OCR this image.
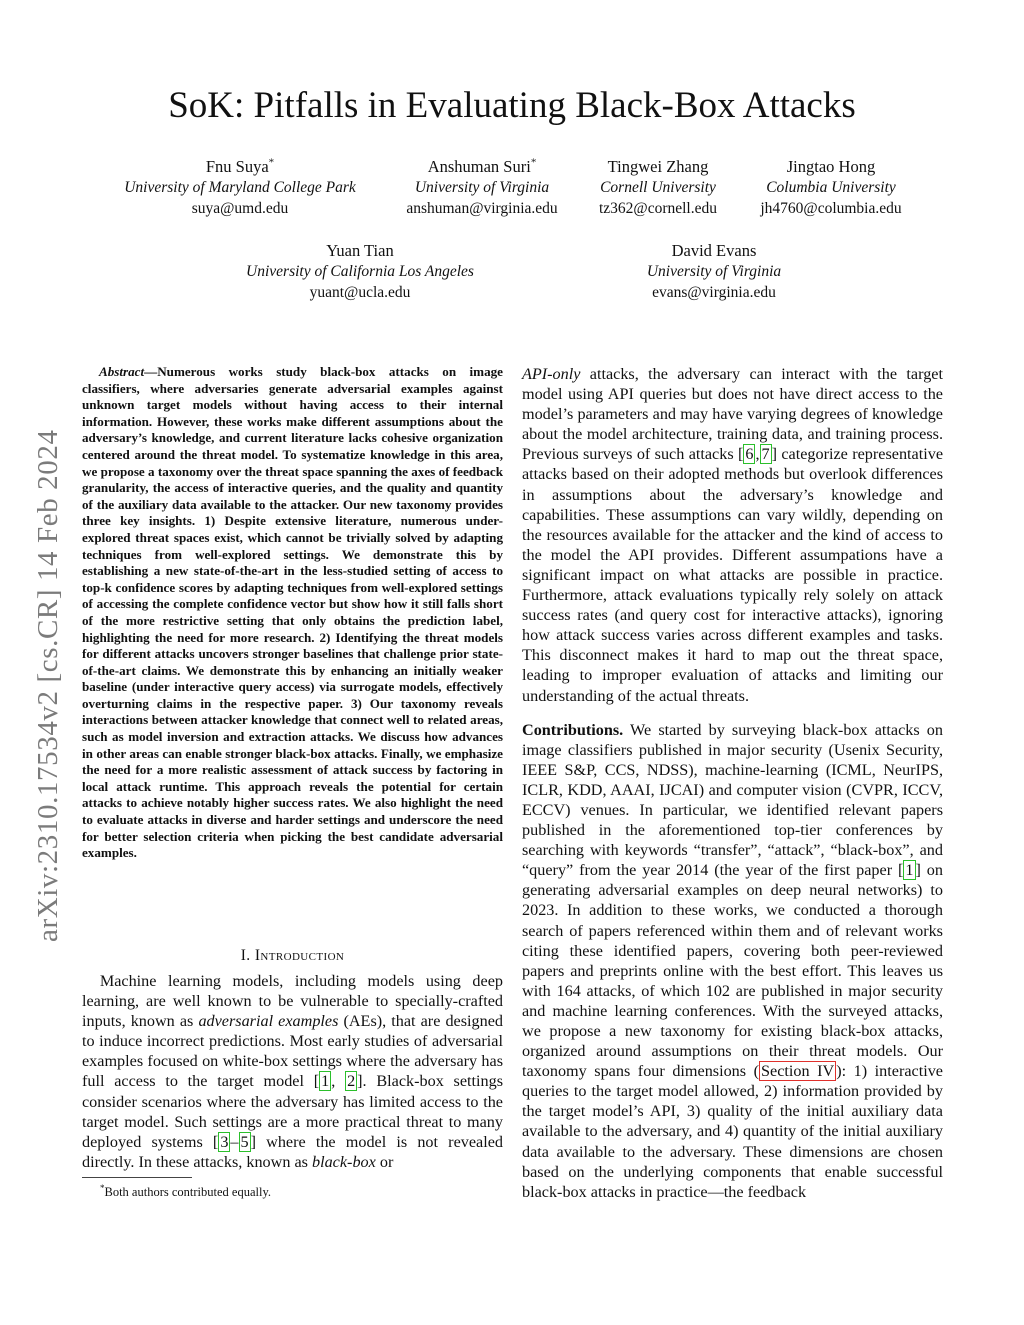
SoK: Pitfalls in Evaluating Black-Box Attacks
Fnu Suya*
University of Maryland College Park
suya@umd.edu
Anshuman Suri*
University of Virginia
anshuman@virginia.edu
Tingwei Zhang
Cornell University
tz362@cornell.edu
Jingtao Hong
Columbia University
jh4760@columbia.edu
Yuan Tian
University of California Los Angeles
yuant@ucla.edu
David Evans
University of Virginia
evans@virginia.edu
arXiv:2310.17534v2 [cs.CR] 14 Feb 2024

Abstract—Numerous works study black-box attacks on image classifiers, where adversaries generate adversarial examples against unknown target models without having access to their internal information. However, these works make different assumptions about the adversary’s knowledge, and current literature lacks cohesive organization centered around the threat model. To systematize knowledge in this area, we propose a taxonomy over the threat space spanning the axes of feedback granularity, the access of interactive queries, and the quality and quantity of the auxiliary data available to the attacker. Our new taxonomy provides three key insights. 1) Despite extensive literature, numerous under-explored threat spaces exist, which cannot be trivially solved by adapting techniques from well-explored settings. We demonstrate this by establishing a new state-of-the-art in the less-studied setting of access to top-k confidence scores by adapting techniques from well-explored settings of accessing the complete confidence vector but show how it still falls short of the more restrictive setting that only obtains the prediction label, highlighting the need for more research. 2) Identifying the threat models for different attacks uncovers stronger baselines that challenge prior state-of-the-art claims. We demonstrate this by enhancing an initially weaker baseline (under interactive query access) via surrogate models, effectively overturning claims in the respective paper. 3) Our taxonomy reveals interactions between attacker knowledge that connect well to related areas, such as model inversion and extraction attacks. We discuss how advances in other areas can enable stronger black-box attacks. Finally, we emphasize the need for a more realistic assessment of attack success by factoring in local attack runtime. This approach reveals the potential for certain attacks to achieve notably higher success rates. We also highlight the need to evaluate attacks in diverse and harder settings and underscore the need for better selection criteria when picking the best candidate adversarial examples.

I. Introduction

Machine learning models, including models using deep learning, are well known to be vulnerable to specially-crafted inputs, known as adversarial examples (AEs), that are designed to induce incorrect predictions. Most early studies of adversarial examples focused on white-box settings where the adversary has full access to the target model [ 1 , 2 ]. Black-box settings consider scenarios where the adversary has limited access to the target model. Such settings are a more practical threat to many deployed systems [ 3 – 5 ] where the model is not revealed directly. In these attacks, known as black-box or

*Both authors contributed equally.

API-only attacks, the adversary can interact with the target model using API queries but does not have direct access to the model’s parameters and may have varying degrees of knowledge about the model architecture, training data, and training process. Previous surveys of such attacks [ 6 , 7 ] categorize representative attacks based on their adopted methods but overlook differences in assumptions about the adversary’s knowledge and capabilities. These assumptions can vary wildly, depending on the resources available for the attacker and the kind of access to the model the API provides. Different assumpations have a significant impact on what attacks are possible in practice. Furthermore, attack evaluations typically rely solely on attack success rates (and query cost for interactive attacks), ignoring how attack success varies across different examples and tasks. This disconnect makes it hard to map out the threat space, leading to improper evaluation of attacks and limiting our understanding of the actual threats.

Contributions. We started by surveying black-box attacks on image classifiers published in major security (Usenix Security, IEEE S&P, CCS, NDSS), machine-learning (ICML, NeurIPS, ICLR, KDD, AAAI, IJCAI) and computer vision (CVPR, ICCV, ECCV) venues. In particular, we identified relevant papers published in the aforementioned top-tier conferences by searching with keywords “transfer”, “attack”, “black-box”, and “query” from the year 2014 (the year of the first paper [ 1 ] on generating adversarial examples on deep neural networks) to 2023. In addition to these works, we conducted a thorough search of papers referenced within them and of relevant works citing these identified papers, covering both peer-reviewed papers and preprints online with the best effort. This leaves us with 164 attacks, of which 102 are published in major security and machine learning conferences. With the surveyed attacks, we propose a new taxonomy for existing black-box attacks, organized around assumptions on their threat models. Our taxonomy spans four dimensions ( Section IV ): 1) interactive queries to the target model allowed, 2) information provided by the target model’s API, 3) quality of the initial auxiliary data available to the adversary, and 4) quantity of the initial auxiliary data available to the adversary. These dimensions are chosen based on the underlying components that enable successful black-box attacks in practice—the feedback
